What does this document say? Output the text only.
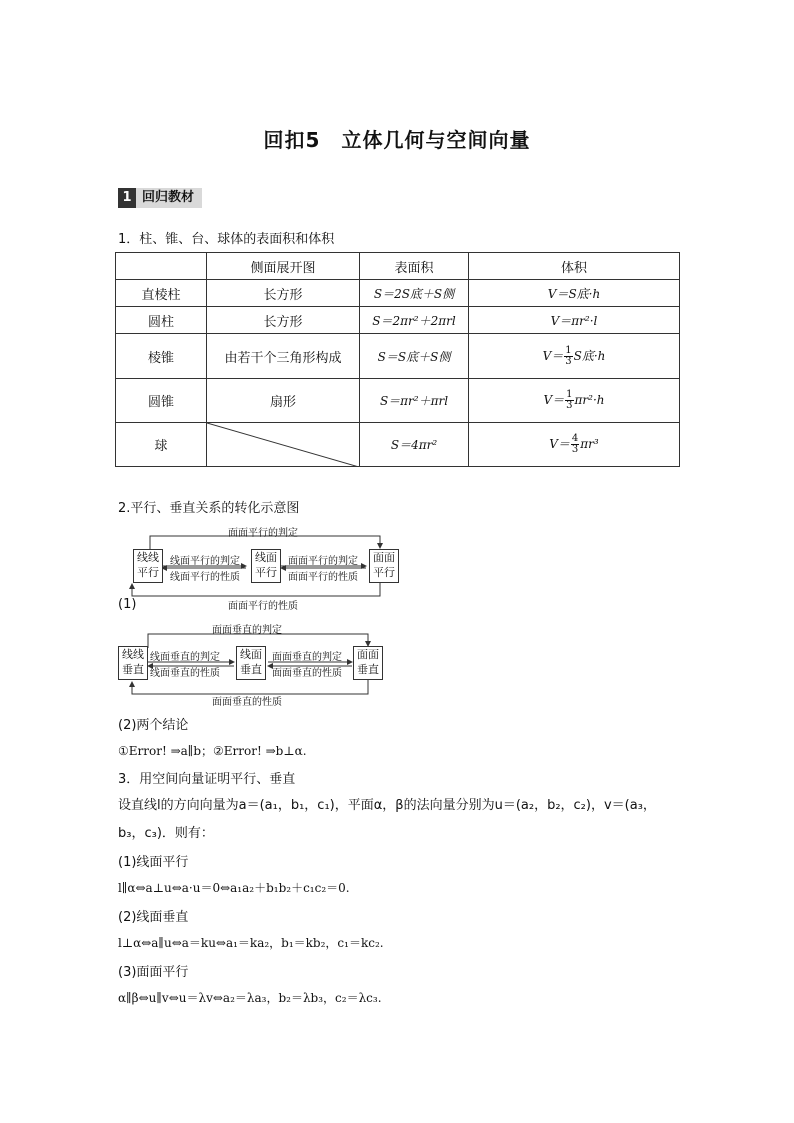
回扣5　立体几何与空间向量
1 回归教材
1．柱、锥、台、球体的表面积和体积
	侧面展开图	表面积	体积
直棱柱	长方形	S＝2S底＋S侧	V＝S底·h
圆柱	长方形	S＝2πr²＋2πrl	V＝πr²·l
棱锥	由若干个三角形构成	S＝S底＋S侧	$V= \frac{1}{3}$ S底·h
圆锥	扇形	S＝πr²＋πrl	$V= \frac{1}{3} \pi r^2\cdot h$
球		S＝4πr²	$V= \frac{4}{3} \pi r^3$
2.平行、垂直关系的转化示意图
面面平行的判定
面面平行的性质
线面平行的判定
线面平行的性质
面面平行的判定
面面平行的性质
线线
平行
线面
平行
面面
平行
(1)
面面垂直的判定
面面垂直的性质
线面垂直的判定
线面垂直的性质
面面垂直的判定
面面垂直的性质
线线
垂直
线面
垂直
面面
垂直
(2)两个结论
①Error! ⇒a∥b；②Error! ⇒b⊥α.
3．用空间向量证明平行、垂直
设直线l的方向向量为a＝(a₁，b₁，c₁)，平面α，β的法向量分别为u＝(a₂，b₂，c₂)，v＝(a₃，
b₃，c₃)．则有：
(1)线面平行
l∥α⇔a⊥u⇔a·u＝0⇔a₁a₂＋b₁b₂＋c₁c₂＝0.
(2)线面垂直
l⊥α⇔a∥u⇔a＝ku⇔a₁＝ka₂，b₁＝kb₂，c₁＝kc₂.
(3)面面平行
α∥β⇔u∥v⇔u＝λv⇔a₂＝λa₃，b₂＝λb₃，c₂＝λc₃.
